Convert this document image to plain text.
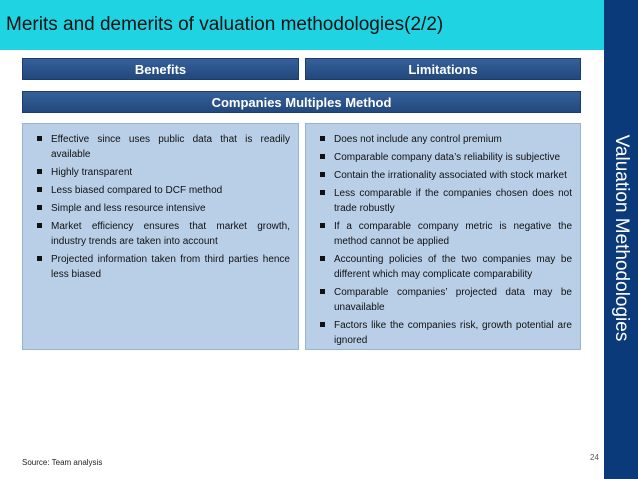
Merits and demerits of valuation methodologies(2/2)
Valuation Methodologies
Benefits	Limitations
Companies Multiples Method
Effective since uses public data that is readily available
Highly transparent
Less biased compared to DCF method
Simple and less resource intensive
Market efficiency ensures that market growth, industry trends are taken into account
Projected information taken from third parties hence less biased
Does not include any control premium
Comparable company data’s reliability is subjective
Contain the irrationality associated with stock market
Less comparable if the companies chosen does not trade robustly
If a comparable company metric is negative the method cannot be applied
Accounting policies of the two companies may be different which may complicate comparability
Comparable companies’ projected data may be unavailable
Factors like the companies risk, growth potential are ignored
24
Source: Team analysis
